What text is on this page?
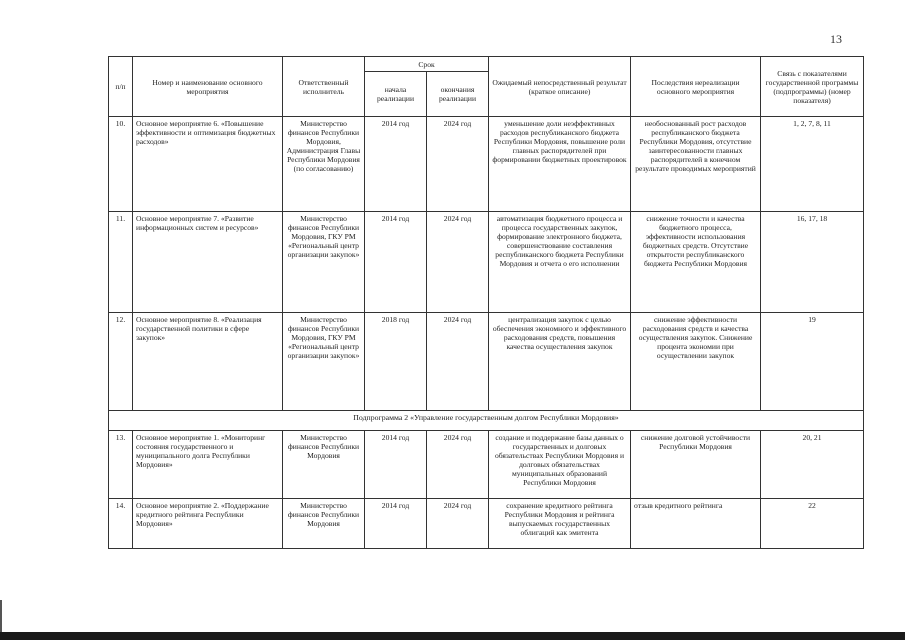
13
п/п	Номер и наименование основного мероприятия	Ответственный исполнитель	Срок		Ожидаемый непосредственный результат (краткое описание)	Последствия нереализации основного мероприятия	Связь с показателями государственной программы (подпрограммы) (номер показателя)
			начала реализации	окончания реализации			
10.	Основное мероприятие 6. «Повышение эффективности и оптимизация бюджетных расходов»	Министерство финансов Республики Мордовия, Администрация Главы Республики Мордовия (по согласованию)	2014 год	2024 год	уменьшение доли неэффективных расходов республиканского бюджета Республики Мордовия, повышение роли главных распорядителей при формировании бюджетных проектировок	необоснованный рост расходов республиканского бюджета Республики Мордовия, отсутствие заинтересованности главных распорядителей в конечном результате проводимых мероприятий	1, 2, 7, 8, 11
11.	Основное мероприятие 7. «Развитие информационных систем и ресурсов»	Министерство финансов Республики Мордовия, ГКУ РМ «Региональный центр организации закупок»	2014 год	2024 год	автоматизация бюджетного процесса и процесса государственных закупок, формирование электронного бюджета, совершенствование составления республиканского бюджета Республики Мордовия и отчета о его исполнении	снижение точности и качества бюджетного процесса, эффективности использования бюджетных средств. Отсутствие открытости республиканского бюджета Республики Мордовия	16, 17, 18
12.	Основное мероприятие 8. «Реализация государственной политики в сфере закупок»	Министерство финансов Республики Мордовия, ГКУ РМ «Региональный центр организации закупок»	2018 год	2024 год	централизация закупок с целью обеспечения экономного и эффективного расходования средств, повышения качества осуществления закупок	снижение эффективности расходования средств и качества осуществления закупок. Снижение процента экономии при осуществлении закупок	19
Подпрограмма 2 «Управление государственным долгом Республики Мордовия»							
13.	Основное мероприятие 1. «Мониторинг состояния государственного и муниципального долга Республики Мордовия»	Министерство финансов Республики Мордовия	2014 год	2024 год	создание и поддержание базы данных о государственных и долговых обязательствах Республики Мордовия и долговых обязательствах муниципальных образований Республики Мордовия	снижение долговой устойчивости Республики Мордовия	20, 21
14.	Основное мероприятие 2. «Поддержание кредитного рейтинга Республики Мордовия»	Министерство финансов Республики Мордовия	2014 год	2024 год	сохранение кредитного рейтинга Республики Мордовия и рейтинга выпускаемых государственных облигаций как эмитента	отзыв кредитного рейтинга	22
